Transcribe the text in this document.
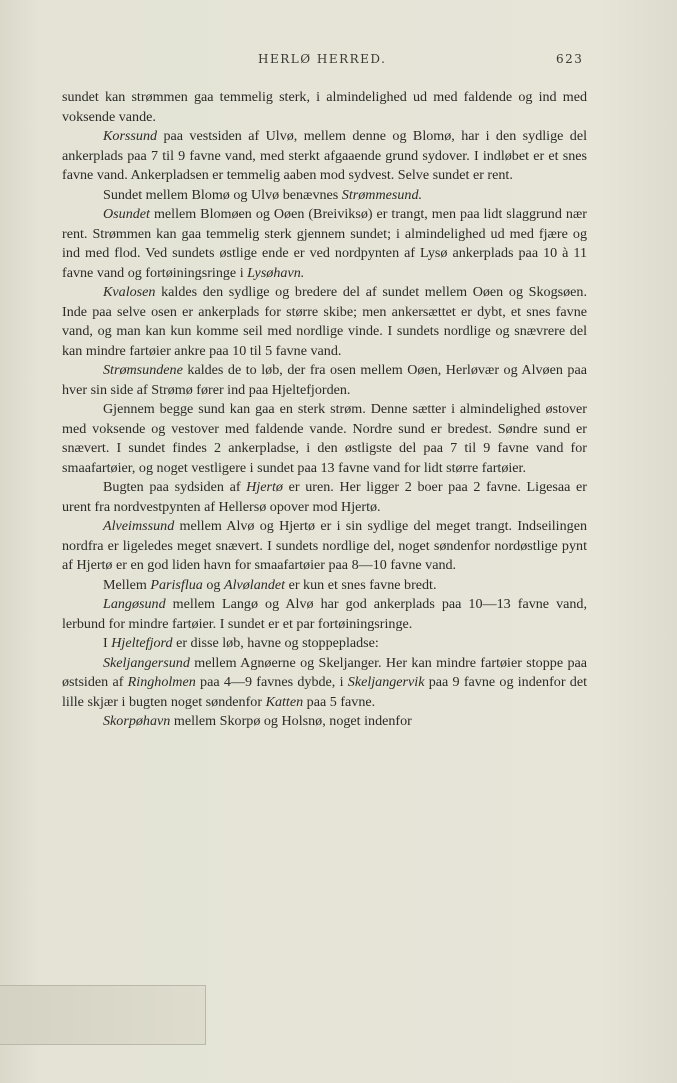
HERLØ HERRED.	623

sundet kan strømmen gaa temmelig sterk, i almindelighed ud med faldende og ind med voksende vande.

Korssund paa vestsiden af Ulvø, mellem denne og Blomø, har i den sydlige del ankerplads paa 7 til 9 favne vand, med sterkt afgaaende grund sydover. I indløbet er et snes favne vand. Ankerpladsen er temmelig aaben mod sydvest. Selve sundet er rent.

Sundet mellem Blomø og Ulvø benævnes Strømmesund.

Osundet mellem Blomøen og Oøen (Breiviksø) er trangt, men paa lidt slaggrund nær rent. Strømmen kan gaa temmelig sterk gjennem sundet; i almindelighed ud med fjære og ind med flod. Ved sundets østlige ende er ved nordpynten af Lysø ankerplads paa 10 à 11 favne vand og fortøiningsringe i Lysøhavn.

Kvalosen kaldes den sydlige og bredere del af sundet mellem Oøen og Skogsøen. Inde paa selve osen er ankerplads for større skibe; men ankersættet er dybt, et snes favne vand, og man kan kun komme seil med nordlige vinde. I sundets nordlige og snævrere del kan mindre fartøier ankre paa 10 til 5 favne vand.

Strømsundene kaldes de to løb, der fra osen mellem Oøen, Herløvær og Alvøen paa hver sin side af Strømø fører ind paa Hjeltefjorden.

Gjennem begge sund kan gaa en sterk strøm. Denne sætter i almindelighed østover med voksende og vestover med faldende vande. Nordre sund er bredest. Søndre sund er snævert. I sundet findes 2 ankerpladse, i den østligste del paa 7 til 9 favne vand for smaafartøier, og noget vestligere i sundet paa 13 favne vand for lidt større fartøier.

Bugten paa sydsiden af Hjertø er uren. Her ligger 2 boer paa 2 favne. Ligesaa er urent fra nordvestpynten af Hellersø opover mod Hjertø.

Alveimssund mellem Alvø og Hjertø er i sin sydlige del meget trangt. Indseilingen nordfra er ligeledes meget snævert. I sundets nordlige del, noget søndenfor nordøstlige pynt af Hjertø er en god liden havn for smaafartøier paa 8—10 favne vand.

Mellem Parisflua og Alvølandet er kun et snes favne bredt.

Langøsund mellem Langø og Alvø har god ankerplads paa 10—13 favne vand, lerbund for mindre fartøier. I sundet er et par fortøiningsringe.

I Hjeltefjord er disse løb, havne og stoppepladse:

Skeljangersund mellem Agnøerne og Skeljanger. Her kan mindre fartøier stoppe paa østsiden af Ringholmen paa 4—9 favnes dybde, i Skeljangervik paa 9 favne og indenfor det lille skjær i bugten noget søndenfor Katten paa 5 favne.

Skorpøhavn mellem Skorpø og Holsnø, noget indenfor
